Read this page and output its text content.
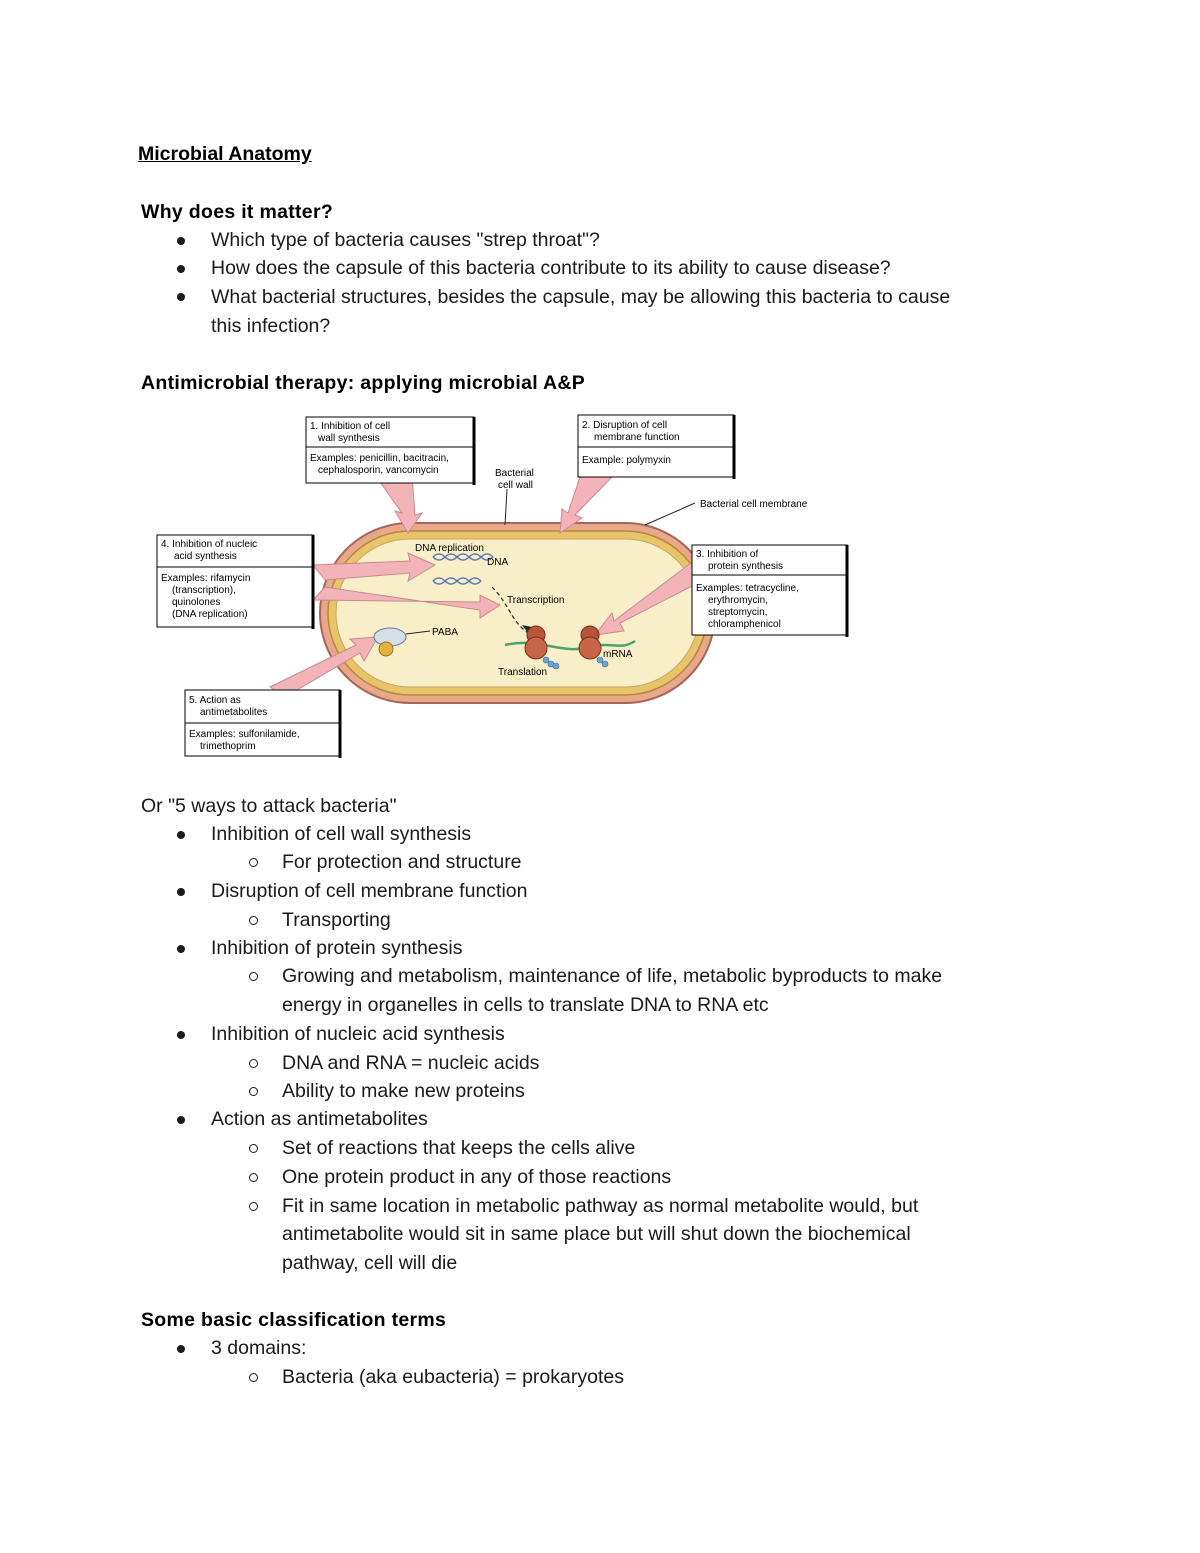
Microbial Anatomy
Why does it matter?
Which type of bacteria causes "strep throat"?
How does the capsule of this bacteria contribute to its ability to cause disease?
What bacterial structures, besides the capsule, may be allowing this bacteria to cause
this infection?
Antimicrobial therapy: applying microbial A&P
1. Inhibition of cell
wall synthesis
Examples: penicillin, bacitracin,
cephalosporin, vancomycin
2. Disruption of cell
membrane function
Example: polymyxin
3. Inhibition of
protein synthesis
Examples: tetracycline,
erythromycin,
streptomycin,
chloramphenicol
4. Inhibition of nucleic
acid synthesis
Examples: rifamycin
(transcription),
quinolones
(DNA replication)
5. Action as
antimetabolites
Examples: sulfonilamide,
trimethoprim
Bacterial
cell wall
Bacterial cell membrane
DNA replication
DNA
Transcription
PABA
mRNA
Translation
Or "5 ways to attack bacteria"
Inhibition of cell wall synthesis
For protection and structure
Disruption of cell membrane function
Transporting
Inhibition of protein synthesis
Growing and metabolism, maintenance of life, metabolic byproducts to make
energy in organelles in cells to translate DNA to RNA etc
Inhibition of nucleic acid synthesis
DNA and RNA = nucleic acids
Ability to make new proteins
Action as antimetabolites
Set of reactions that keeps the cells alive
One protein product in any of those reactions
Fit in same location in metabolic pathway as normal metabolite would, but
antimetabolite would sit in same place but will shut down the biochemical
pathway, cell will die
Some basic classification terms
3 domains:
Bacteria (aka eubacteria) = prokaryotes
